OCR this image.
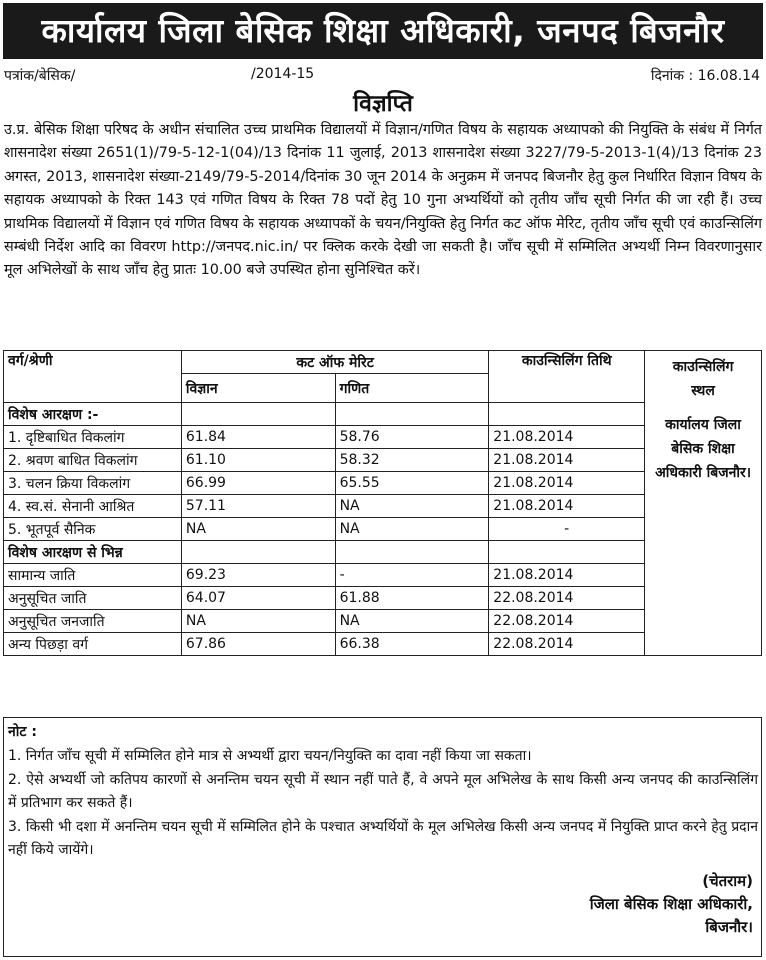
कार्यालय जिला बेसिक शिक्षा अधिकारी, जनपद बिजनौर
पत्रांक/बेसिक/	/2014-15	दिनांक : 16.08.14
विज्ञप्ति
उ.प्र. बेसिक शिक्षा परिषद के अधीन संचालित उच्च प्राथमिक विद्यालयों में विज्ञान/गणित विषय के सहायक अध्यापको की नियुक्ति के संबंध में निर्गत शासनादेश संख्या 2651(1)/79-5-12-1(04)/13 दिनांक 11 जुलाई, 2013 शासनादेश संख्या 3227/79-5-2013-1(4)/13 दिनांक 23 अगस्त, 2013, शासनादेश संख्या-2149/79-5-2014/दिनांक 30 जून 2014 के अनुक्रम में जनपद बिजनौर हेतु कुल निर्धारित विज्ञान विषय के सहायक अध्यापको के रिक्त 143 एवं गणित विषय के रिक्त 78 पदों हेतु 10 गुना अभ्यर्थियों को तृतीय जाँच सूची निर्गत की जा रही हैं। उच्च प्राथमिक विद्यालयों में विज्ञान एवं गणित विषय के सहायक अध्यापकों के चयन/नियुक्ति हेतु निर्गत कट ऑफ मेरिट, तृतीय जाँच सूची एवं काउन्सिलिंग सम्बंधी निर्देश आदि का विवरण http://जनपद.nic.in/ पर क्लिक करके देखी जा सकती है। जाँच सूची में सम्मिलित अभ्यर्थी निम्न विवरणानुसार मूल अभिलेखों के साथ जाँच हेतु प्रातः 10.00 बजे उपस्थित होना सुनिश्चित करें।
वर्ग/श्रेणी	कट ऑफ मेरिट		काउन्सिलिंग तिथि	काउन्सिलिंग
स्थल
कार्यालय जिला बेसिक शिक्षा अधिकारी बिजनौर।

	विज्ञान	गणित		
विशेष आरक्षण :-				
1. दृष्टिबाधित विकलांग	61.84	58.76	21.08.2014	
2. श्रवण बाधित विकलांग	61.10	58.32	21.08.2014	
3. चलन क्रिया विकलांग	66.99	65.55	21.08.2014	
4. स्व.सं. सेनानी आश्रित	57.11	NA	21.08.2014	
5. भूतपूर्व सैनिक	NA	NA	-	
विशेष आरक्षण से भिन्न				
सामान्य जाति	69.23	-	21.08.2014	
अनुसूचित जाति	64.07	61.88	22.08.2014	
अनुसूचित जनजाति	NA	NA	22.08.2014	
अन्य पिछड़ा वर्ग	67.86	66.38	22.08.2014	
नोट :
1. निर्गत जाँच सूची में सम्मिलित होने मात्र से अभ्यर्थी द्वारा चयन/नियुक्ति का दावा नहीं किया जा सकता।
2. ऐसे अभ्यर्थी जो कतिपय कारणों से अनन्तिम चयन सूची में स्थान नहीं पाते हैं, वे अपने मूल अभिलेख के साथ किसी अन्य जनपद की काउन्सिलिंग में प्रतिभाग कर सकते हैं।
3. किसी भी दशा में अनन्तिम चयन सूची में सम्मिलित होने के पश्चात अभ्यर्थियों के मूल अभिलेख किसी अन्य जनपद में नियुक्ति प्राप्त करने हेतु प्रदान नहीं किये जायेंगे।
(चेतराम)
जिला बेसिक शिक्षा अधिकारी,
बिजनौर।
